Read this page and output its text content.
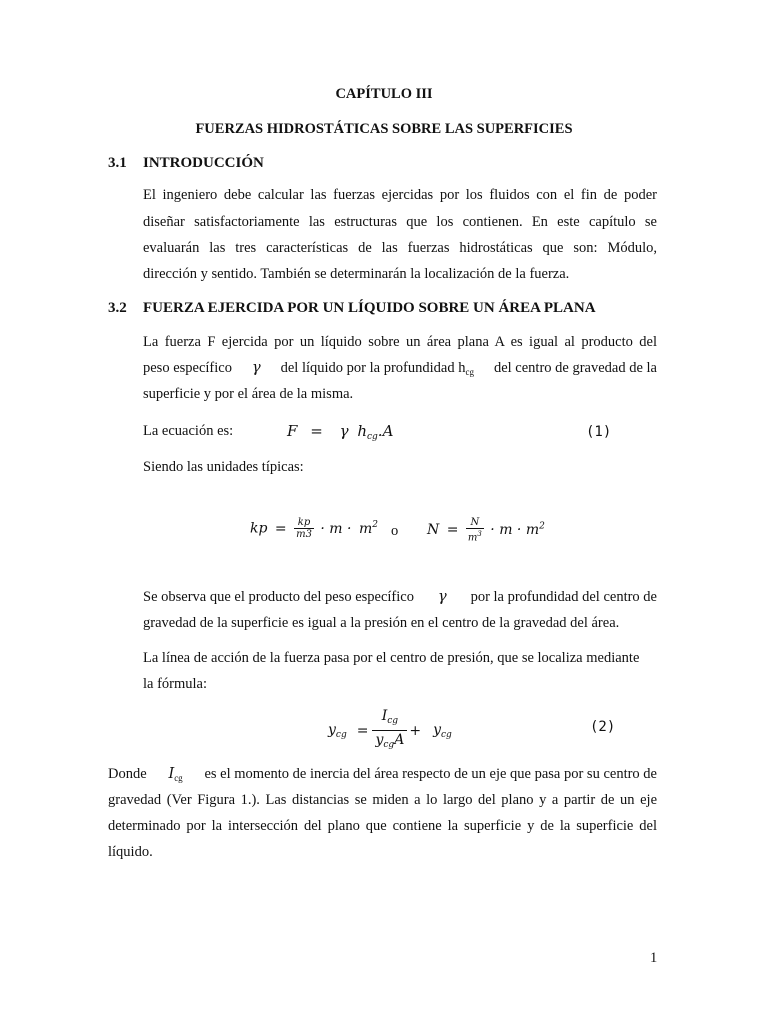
CAPÍTULO III
FUERZAS HIDROSTÁTICAS SOBRE LAS SUPERFICIES
3.1 INTRODUCCIÓN
El ingeniero debe calcular las fuerzas ejercidas por los fluidos con el fin de poder
diseñar satisfactoriamente las estructuras que los contienen. En este capítulo se
evaluarán las tres características de las fuerzas hidrostáticas que son: Módulo,
dirección y sentido. También se determinarán la localización de la fuerza.
3.2 FUERZA EJERCIDA POR UN LÍQUIDO SOBRE UN ÁREA PLANA
La fuerza F ejercida por un líquido sobre un área plana A es igual al producto del
peso específico γ del líquido por la profundidad $h_{cg}$ del centro de gravedad de la
superficie y por el área de la misma.
La ecuación es:	F = γ $h_{cg}.A$	(1)
Siendo las unidades típicas:
kp = $\frac{kp}{m3} \cdot m \cdot m^2$ o $N = \frac{N}{m^3} \cdot m \cdot m^2$
Se observa que el producto del peso específico γ por la profundidad del centro de
gravedad de la superficie es igual a la presión en el centro de la gravedad del área.
La línea de acción de la fuerza pasa por el centro de presión, que se localiza mediante
la fórmula:
$y_{cg} = \frac{I_{cg}}{y_{cg}A} + y_{cg}$	(2)
Donde $I_{cg}$ es el momento de inercia del área respecto de un eje que pasa por su centro de
gravedad (Ver Figura 1.). Las distancias se miden a lo largo del plano y a partir de un eje
determinado por la intersección del plano que contiene la superficie y de la superficie del
líquido.
1
